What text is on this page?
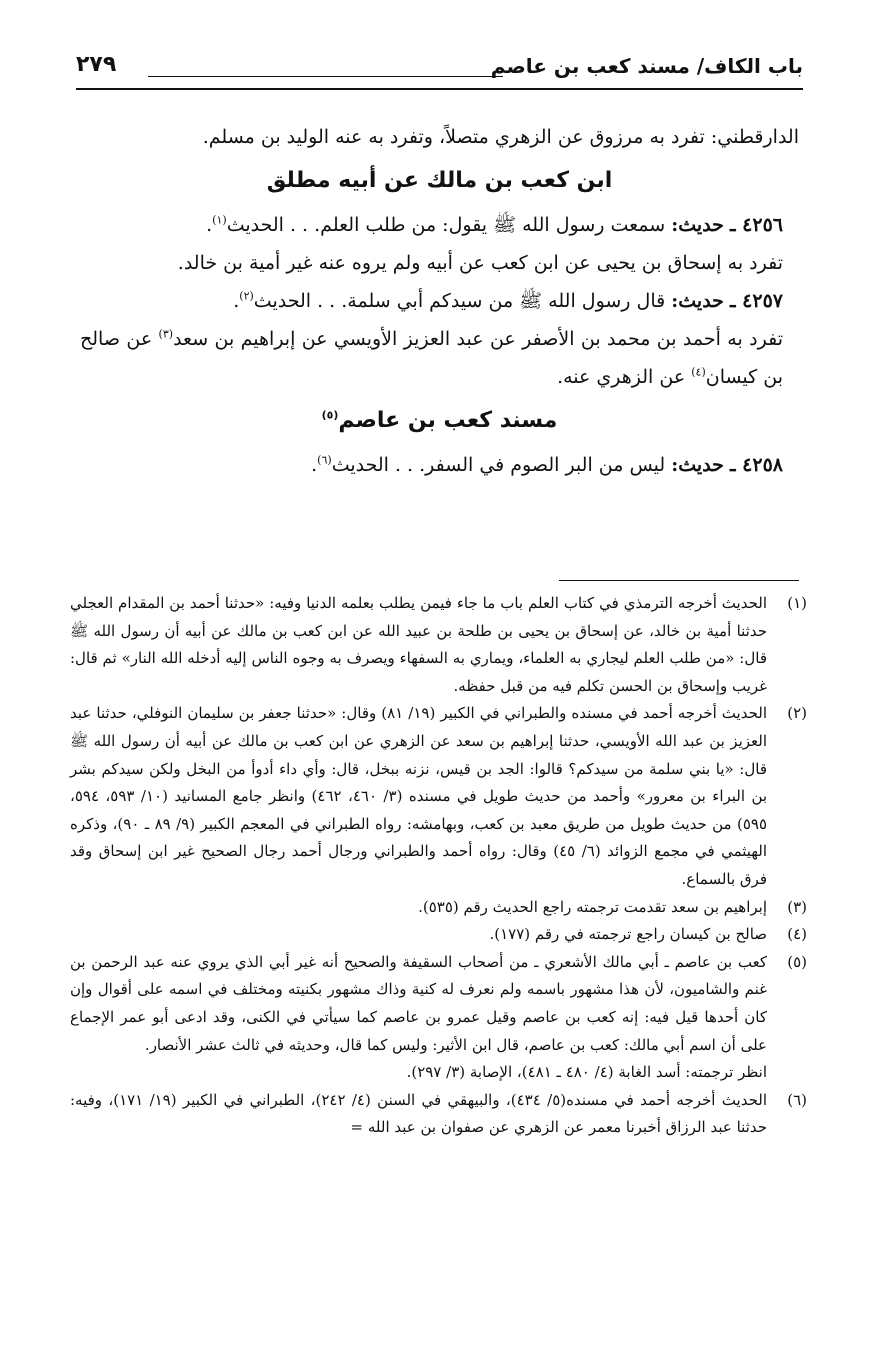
باب الكاف/ مسند كعب بن عاصم
٢٧٩

الدارقطني: تفرد به مرزوق عن الزهري متصلاً، وتفرد به عنه الوليد بن مسلم.

ابن كعب بن مالك عن أبيه مطلق

٤٢٥٦ ـ حديث: سمعت رسول الله ﷺ يقول: من طلب العلم. . . الحديث$^{(١)}$.

تفرد به إسحاق بن يحيى عن ابن كعب عن أبيه ولم يروه عنه غير أمية بن خالد.

٤٢٥٧ ـ حديث: قال رسول الله ﷺ من سيدكم أبي سلمة. . . الحديث$^{(٢)}$.

تفرد به أحمد بن محمد بن الأصفر عن عبد العزيز الأويسي عن إبراهيم بن سعد$^{(٣)}$ عن صالح بن كيسان$^{(٤)}$ عن الزهري عنه.

مسند كعب بن عاصم$^{(٥)}$

٤٢٥٨ ـ حديث: ليس من البر الصوم في السفر. . . الحديث$^{(٦)}$.

(١)
الحديث أخرجه الترمذي في كتاب العلم باب ما جاء فيمن يطلب بعلمه الدنيا وفيه: «حدثنا أحمد بن المقدام العجلي حدثنا أمية بن خالد، عن إسحاق بن يحيى بن طلحة بن عبيد الله عن ابن كعب بن مالك عن أبيه أن رسول الله ﷺ قال: «من طلب العلم ليجاري به العلماء، ويماري به السفهاء ويصرف به وجوه الناس إليه أدخله الله النار» ثم قال: غريب وإسحاق بن الحسن تكلم فيه من قبل حفظه.
(٢)
الحديث أخرجه أحمد في مسنده والطبراني في الكبير (١٩/ ٨١) وقال: «حدثنا جعفر بن سليمان النوفلي، حدثنا عبد العزيز بن عبد الله الأويسي، حدثنا إبراهيم بن سعد عن الزهري عن ابن كعب بن مالك عن أبيه أن رسول الله ﷺ قال: «يا بني سلمة من سيدكم؟ قالوا: الجد بن قيس، نزنه ببخل، قال: وأي داء أدوأ من البخل ولكن سيدكم بشر بن البراء بن معرور» وأحمد من حديث طويل في مسنده (٣/ ٤٦٠، ٤٦٢) وانظر جامع المسانيد (١٠/ ٥٩٣، ٥٩٤، ٥٩٥) من حديث طويل من طريق معبد بن كعب، وبهامشه: رواه الطبراني في المعجم الكبير (٩/ ٨٩ ـ ٩٠)، وذكره الهيثمي في مجمع الزوائد (٦/ ٤٥) وقال: رواه أحمد والطبراني ورجال أحمد رجال الصحيح غير ابن إسحاق وقد فرق بالسماع.
(٣)
إبراهيم بن سعد تقدمت ترجمته راجع الحديث رقم (٥٣٥).
(٤)
صالح بن كيسان راجع ترجمته في رقم (١٧٧).
(٥)
كعب بن عاصم ـ أبي مالك الأشعري ـ من أصحاب السقيفة والصحيح أنه غير أبي الذي يروي عنه عبد الرحمن بن غنم والشاميون، لأن هذا مشهور باسمه ولم نعرف له كنية وذاك مشهور بكنيته ومختلف في اسمه على أقوال وإن كان أحدها قيل فيه: إنه كعب بن عاصم وقيل عمرو بن عاصم كما سيأتي في الكنى، وقد ادعى أبو عمر الإجماع على أن اسم أبي مالك: كعب بن عاصم، قال ابن الأثير: وليس كما قال، وحديثه في ثالث عشر الأنصار.
انظر ترجمته: أسد الغابة (٤/ ٤٨٠ ـ ٤٨١)، الإصابة (٣/ ٢٩٧).
(٦)
الحديث أخرجه أحمد في مسنده(٥/ ٤٣٤)، والبيهقي في السنن (٤/ ٢٤٢)، الطبراني في الكبير (١٩/ ١٧١)، وفيه: حدثنا عبد الرزاق أخبرنا معمر عن الزهري عن صفوان بن عبد الله =
